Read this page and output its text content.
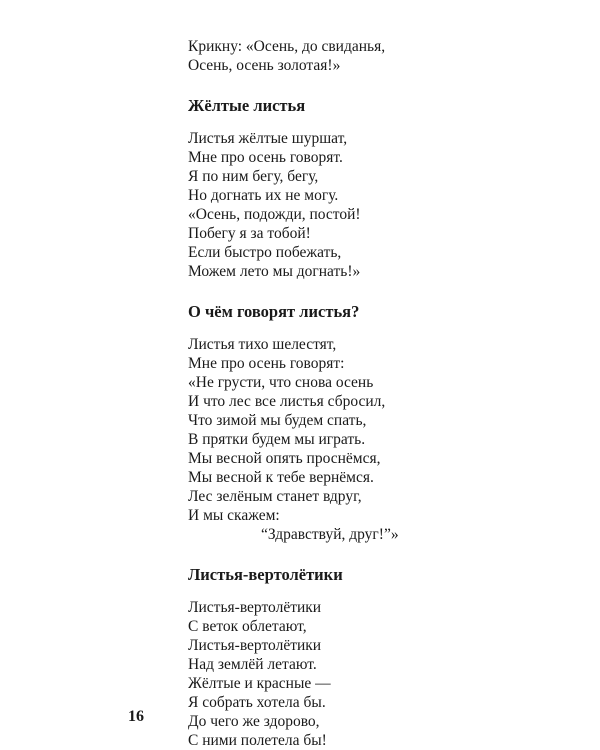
Крикну: «Осень, до свиданья,
Осень, осень золотая!»
Жёлтые листья
Листья жёлтые шуршат,
Мне про осень говорят.
Я по ним бегу, бегу,
Но догнать их не могу.
«Осень, подожди, постой!
Побегу я за тобой!
Если быстро побежать,
Можем лето мы догнать!»
О чём говорят листья?
Листья тихо шелестят,
Мне про осень говорят:
«Не грусти, что снова осень
И что лес все листья сбросил,
Что зимой мы будем спать,
В прятки будем мы играть.
Мы весной опять проснёмся,
Мы весной к тебе вернёмся.
Лес зелёным станет вдруг,
И мы скажем:
“Здравствуй, друг!”»
Листья-вертолётики
Листья-вертолётики
С веток облетают,
Листья-вертолётики
Над землёй летают.
Жёлтые и красные —
Я собрать хотела бы.
До чего же здорово,
С ними полетела бы!
16
